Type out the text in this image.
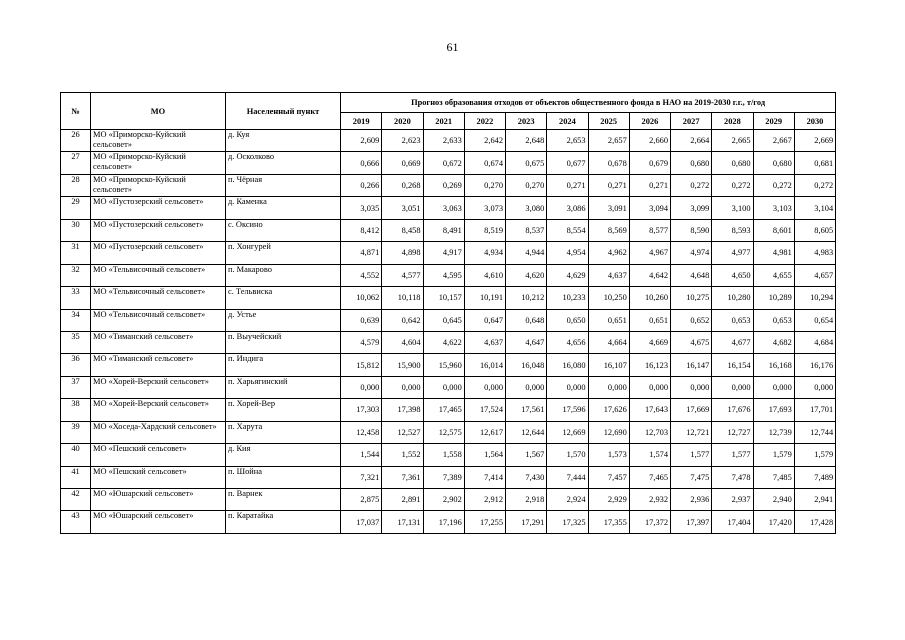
61
№	МО	Населенный пункт	Прогноз образования отходов от объектов общественного фонда в НАО на 2019-2030 г.г., т/год											
			2019	2020	2021	2022	2023	2024	2025	2026	2027	2028	2029	2030
26	МО «Приморско-Куйский сельсовет»	д. Куя	2,609	2,623	2,633	2,642	2,648	2,653	2,657	2,660	2,664	2,665	2,667	2,669
27	МО «Приморско-Куйский сельсовет»	д. Осколково	0,666	0,669	0,672	0,674	0,675	0,677	0,678	0,679	0,680	0,680	0,680	0,681
28	МО «Приморско-Куйский сельсовет»	п. Чёрная	0,266	0,268	0,269	0,270	0,270	0,271	0,271	0,271	0,272	0,272	0,272	0,272
29	МО «Пустозерский сельсовет»	д. Каменка	3,035	3,051	3,063	3,073	3,080	3,086	3,091	3,094	3,099	3,100	3,103	3,104
30	МО «Пустозерский сельсовет»	с. Оксино	8,412	8,458	8,491	8,519	8,537	8,554	8,569	8,577	8,590	8,593	8,601	8,605
31	МО «Пустозерский сельсовет»	п. Хонгурей	4,871	4,898	4,917	4,934	4,944	4,954	4,962	4,967	4,974	4,977	4,981	4,983
32	МО «Тельвисочный сельсовет»	п. Макарово	4,552	4,577	4,595	4,610	4,620	4,629	4,637	4,642	4,648	4,650	4,655	4,657
33	МО «Тельвисочный сельсовет»	с. Тельвиска	10,062	10,118	10,157	10,191	10,212	10,233	10,250	10,260	10,275	10,280	10,289	10,294
34	МО «Тельвисочный сельсовет»	д. Устье	0,639	0,642	0,645	0,647	0,648	0,650	0,651	0,651	0,652	0,653	0,653	0,654
35	МО «Тиманский сельсовет»	п. Выучейский	4,579	4,604	4,622	4,637	4,647	4,656	4,664	4,669	4,675	4,677	4,682	4,684
36	МО «Тиманский сельсовет»	п. Индига	15,812	15,900	15,960	16,014	16,048	16,080	16,107	16,123	16,147	16,154	16,168	16,176
37	МО «Хорей-Верский сельсовет»	п. Харьягинский	0,000	0,000	0,000	0,000	0,000	0,000	0,000	0,000	0,000	0,000	0,000	0,000
38	МО «Хорей-Верский сельсовет»	п. Хорей-Вер	17,303	17,398	17,465	17,524	17,561	17,596	17,626	17,643	17,669	17,676	17,693	17,701
39	МО «Хоседа-Хардский сельсовет»	п. Харута	12,458	12,527	12,575	12,617	12,644	12,669	12,690	12,703	12,721	12,727	12,739	12,744
40	МО «Пешский сельсовет»	д. Кия	1,544	1,552	1,558	1,564	1,567	1,570	1,573	1,574	1,577	1,577	1,579	1,579
41	МО «Пешский сельсовет»	п. Шойна	7,321	7,361	7,389	7,414	7,430	7,444	7,457	7,465	7,475	7,478	7,485	7,489
42	МО «Юшарский сельсовет»	п. Варнек	2,875	2,891	2,902	2,912	2,918	2,924	2,929	2,932	2,936	2,937	2,940	2,941
43	МО «Юшарский сельсовет»	п. Каратайка	17,037	17,131	17,196	17,255	17,291	17,325	17,355	17,372	17,397	17,404	17,420	17,428
